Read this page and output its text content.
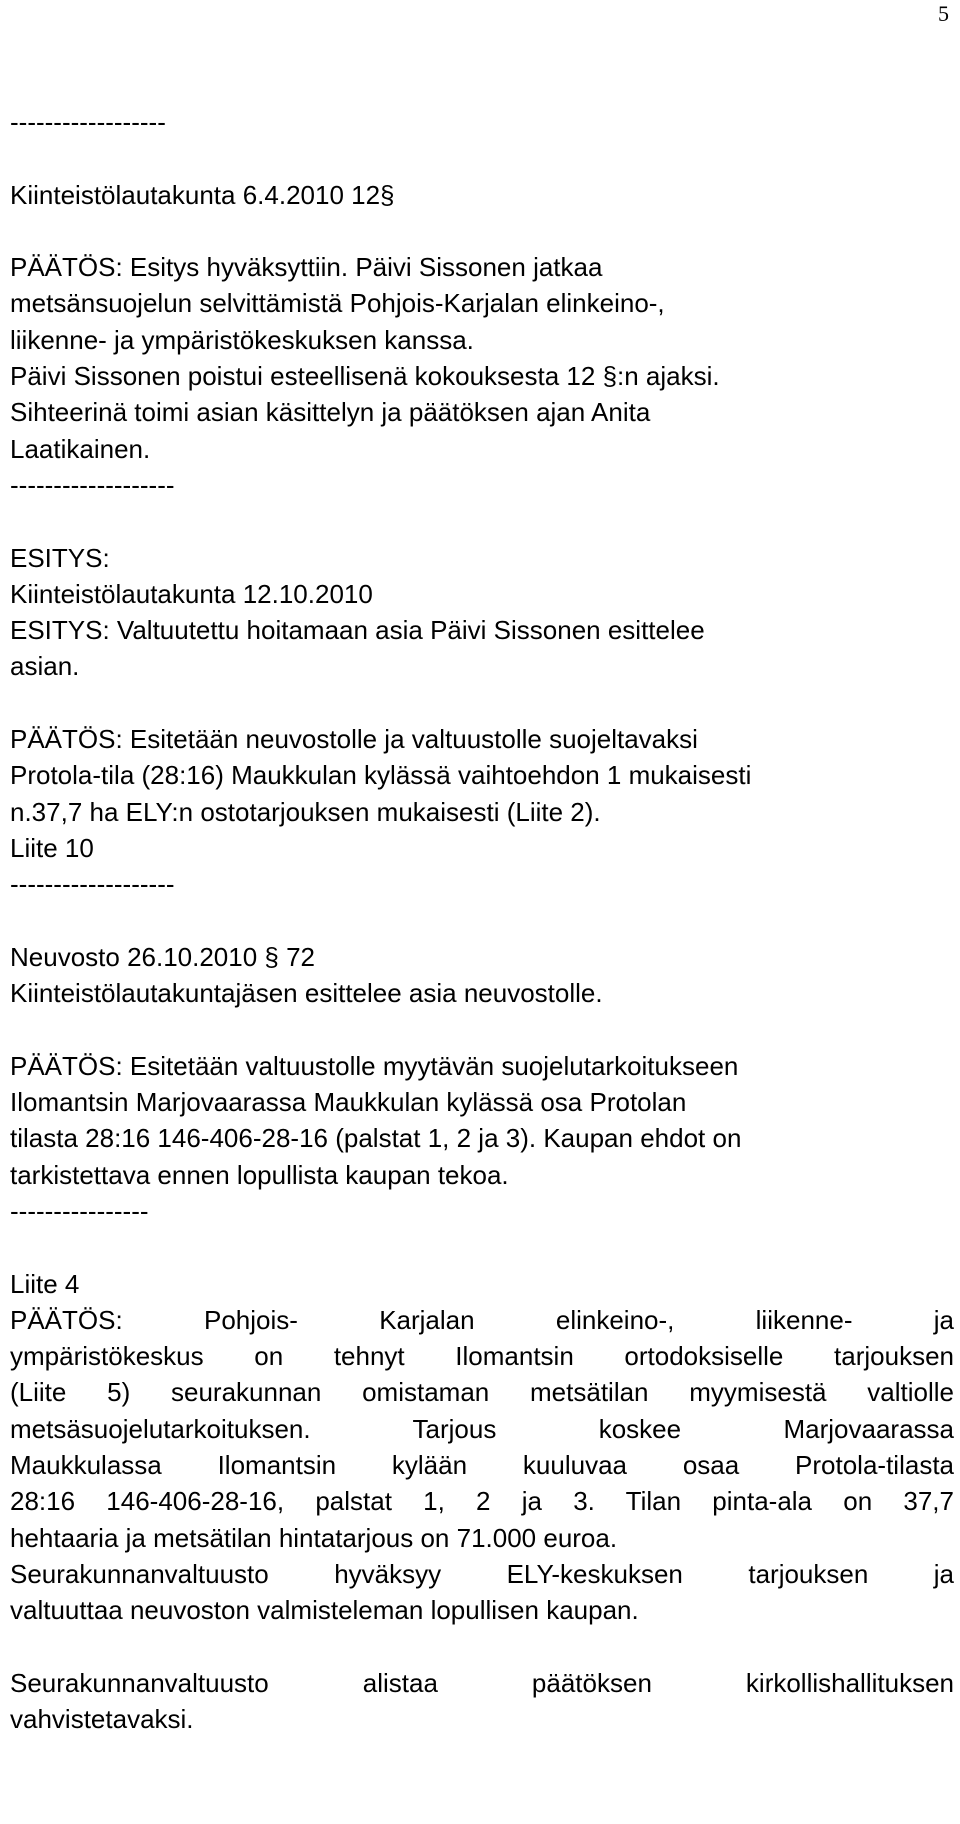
5
------------------
Kiinteistölautakunta 6.4.2010 12§
PÄÄTÖS: Esitys hyväksyttiin. Päivi Sissonen jatkaa
metsänsuojelun selvittämistä Pohjois-Karjalan elinkeino-,
liikenne- ja ympäristökeskuksen kanssa.
Päivi Sissonen poistui esteellisenä kokouksesta 12 §:n ajaksi.
Sihteerinä toimi asian käsittelyn ja päätöksen ajan Anita
Laatikainen.
-------------------
ESITYS:
Kiinteistölautakunta 12.10.2010
ESITYS: Valtuutettu hoitamaan asia Päivi Sissonen esittelee
asian.
PÄÄTÖS: Esitetään neuvostolle ja valtuustolle suojeltavaksi
Protola-tila (28:16) Maukkulan kylässä vaihtoehdon 1 mukaisesti
n.37,7 ha ELY:n ostotarjouksen mukaisesti (Liite 2).
Liite 10
-------------------
Neuvosto 26.10.2010 § 72
Kiinteistölautakuntajäsen esittelee asia neuvostolle.
PÄÄTÖS: Esitetään valtuustolle myytävän suojelutarkoitukseen
Ilomantsin Marjovaarassa Maukkulan kylässä osa Protolan
tilasta 28:16 146-406-28-16 (palstat 1, 2 ja 3). Kaupan ehdot on
tarkistettava ennen lopullista kaupan tekoa.
----------------
Liite 4
PÄÄTÖS: Pohjois- Karjalan elinkeino-, liikenne- ja
ympäristökeskus on tehnyt Ilomantsin ortodoksiselle tarjouksen
(Liite 5) seurakunnan omistaman metsätilan myymisestä valtiolle
metsäsuojelutarkoituksen. Tarjous koskee Marjovaarassa
Maukkulassa Ilomantsin kylään kuuluvaa osaa Protola-tilasta
28:16 146-406-28-16, palstat 1, 2 ja 3. Tilan pinta-ala on 37,7
hehtaaria ja metsätilan hintatarjous on 71.000 euroa.
Seurakunnanvaltuusto hyväksyy ELY-keskuksen tarjouksen ja
valtuuttaa neuvoston valmisteleman lopullisen kaupan.
Seurakunnanvaltuusto alistaa päätöksen kirkollishallituksen
vahvistetavaksi.
